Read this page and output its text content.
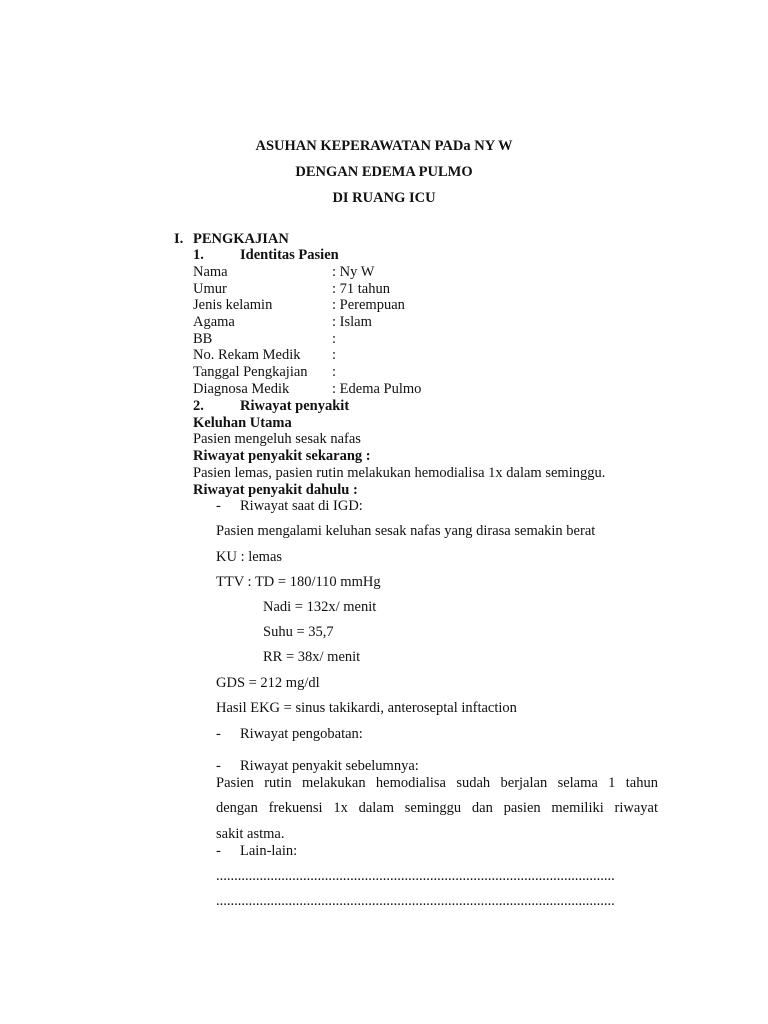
ASUHAN KEPERAWATAN PADa NY W
DENGAN EDEMA PULMO
DI RUANG ICU
I. PENGKAJIAN
1. Identitas Pasien
Nama	: Ny W
Umur	: 71 tahun
Jenis kelamin	: Perempuan
Agama	: Islam
BB	:
No. Rekam Medik :
Tanggal Pengkajian :
Diagnosa Medik	: Edema Pulmo
2. Riwayat penyakit
Keluhan Utama
Pasien mengeluh sesak nafas
Riwayat penyakit sekarang :
Pasien lemas, pasien rutin melakukan hemodialisa 1x dalam seminggu.
Riwayat penyakit dahulu :
- Riwayat saat di IGD:
Pasien mengalami keluhan sesak nafas yang dirasa semakin berat
KU : lemas
TTV : TD = 180/110 mmHg
Nadi = 132x/ menit
Suhu = 35,7
RR = 38x/ menit
GDS = 212 mg/dl
Hasil EKG = sinus takikardi, anteroseptal inftaction
- Riwayat pengobatan:
- Riwayat penyakit sebelumnya:
Pasien rutin melakukan hemodialisa sudah berjalan selama 1 tahun
dengan frekuensi 1x dalam seminggu dan pasien memiliki riwayat
sakit astma.
- Lain-lain:
..............................................................................................................
..............................................................................................................
